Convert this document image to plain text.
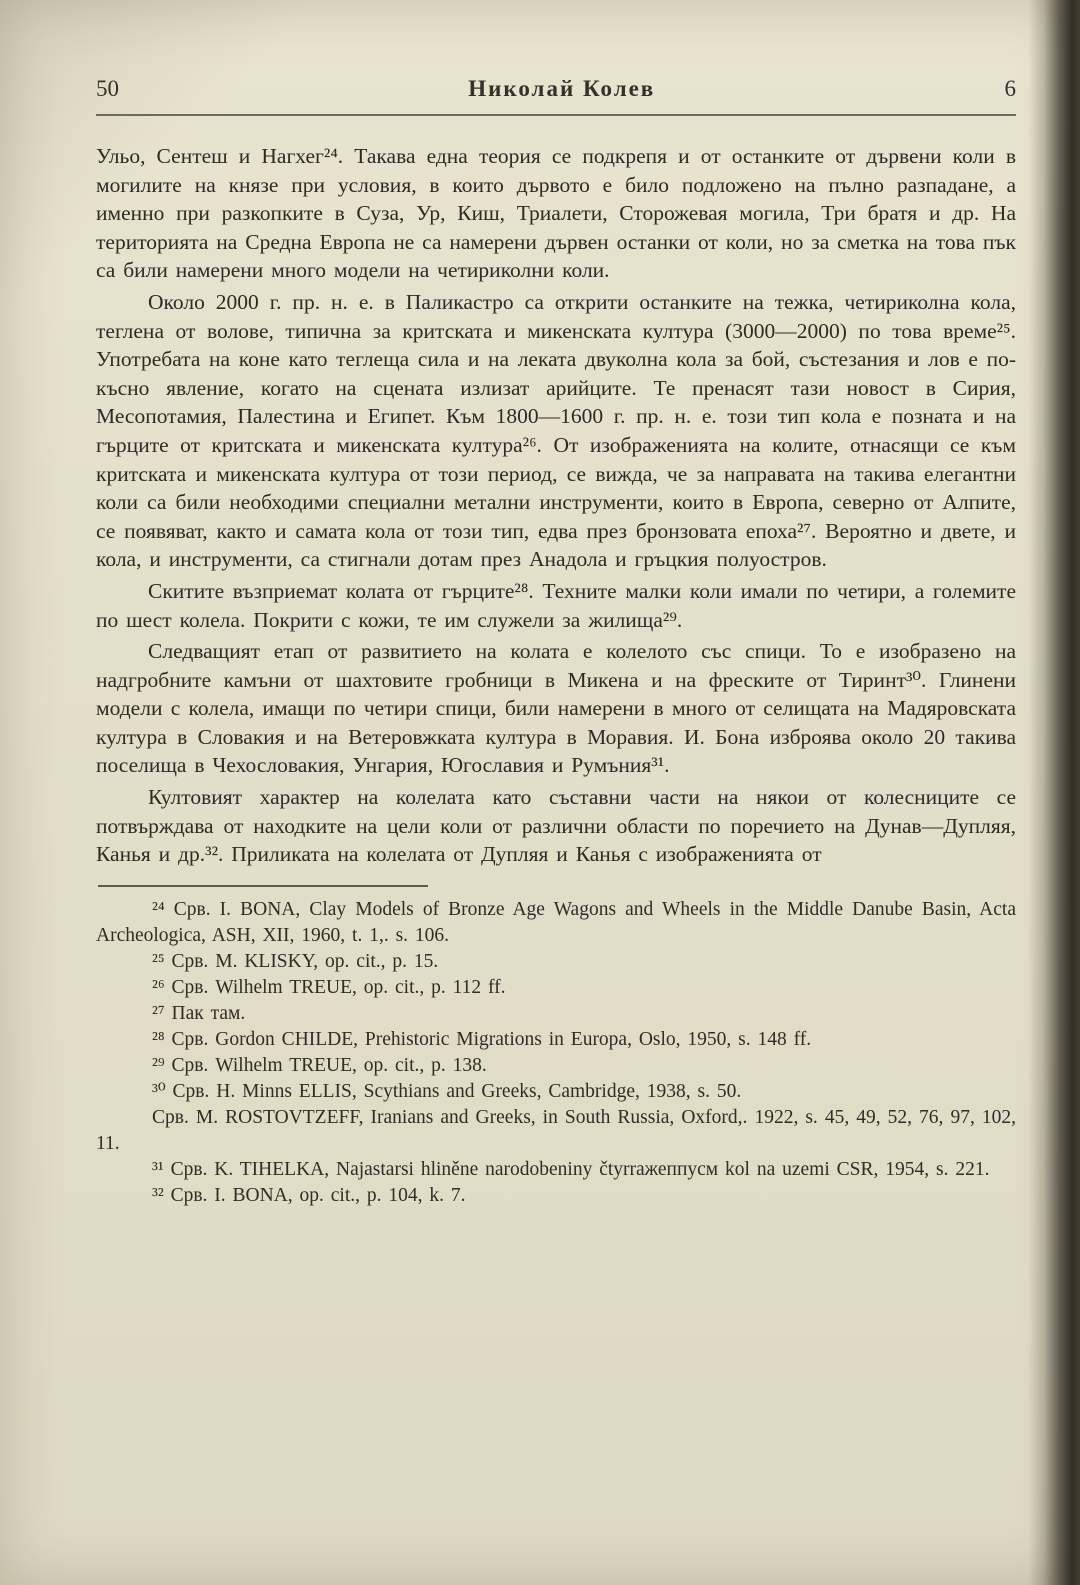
50	Николай Колев	6

Ульо, Сентеш и Нагхег²⁴. Такава една теория се подкрепя и от останките от дървени коли в могилите на князе при условия, в които дървото е било подложено на пълно разпадане, а именно при разкопките в Суза, Ур, Киш, Триалети, Сторожевая могила, Три братя и др. На територията на Средна Европа не са намерени дървен останки от коли, но за сметка на това пък са били намерени много модели на четириколни коли.

Около 2000 г. пр. н. е. в Паликастро са открити останките на тежка, четириколна кола, теглена от волове, типична за критската и микенската култура (3000—2000) по това време²⁵. Употребата на коне като теглеща сила и на леката двуколна кола за бой, състезания и лов е по-късно явление, когато на сцената излизат арийците. Те пренасят тази новост в Сирия, Месопотамия, Палестина и Египет. Към 1800—1600 г. пр. н. е. този тип кола е позната и на гърците от критската и микенската култура²⁶. От изображенията на колите, отнасящи се към критската и микенската култура от този период, се вижда, че за направата на такива елегантни коли са били необходими специални метални инструменти, които в Европа, северно от Алпите, се появяват, както и самата кола от този тип, едва през бронзовата епоха²⁷. Вероятно и двете, и кола, и инструменти, са стигнали дотам през Анадола и гръцкия полуостров.

Скитите възприемат колата от гърците²⁸. Техните малки коли имали по четири, а големите по шест колела. Покрити с кожи, те им служели за жилища²⁹.

Следващият етап от развитието на колата е колелото със спици. То е изобразено на надгробните камъни от шахтовите гробници в Микена и на фреските от Тиринт³⁰. Глинени модели с колела, имащи по четири спици, били намерени в много от селищата на Мадяровската култура в Словакия и на Ветеровжката култура в Моравия. И. Бона изброява около 20 такива поселища в Чехословакия, Унгария, Югославия и Румъния³¹.

Култовият характер на колелата като съставни части на някои от колесниците се потвърждава от находките на цели коли от различни области по поречието на Дунав—Дупляя, Канья и др.³². Приликата на колелата от Дупляя и Канья с изображенията от

²⁴ Срв. I. BONA, Clay Models of Bronze Age Wagons and Wheels in the Middle Danube Basin, Acta Archeologica, ASH, XII, 1960, t. 1,. s. 106.

²⁵ Срв. M. KLISKY, op. cit., p. 15.

²⁶ Срв. Wilhelm TREUE, op. cit., p. 112 ff.

²⁷ Пак там.

²⁸ Срв. Gordon CHILDE, Prehistoric Migrations in Europa, Oslo, 1950, s. 148 ff.

²⁹ Срв. Wilhelm TREUE, op. cit., p. 138.

³⁰ Срв. H. Minns ELLIS, Scythians and Greeks, Cambridge, 1938, s. 50.

Срв. M. ROSTOVTZEFF, Iranians and Greeks, in South Russia, Oxford,. 1922, s. 45, 49, 52, 76, 97, 102, 11.

³¹ Срв. K. TIHELKA, Najastarsi hliněne narodobeniny čtyrraжеппусм kol na uzemi CSR, 1954, s. 221.

³² Срв. I. BONA, op. cit., p. 104, k. 7.
